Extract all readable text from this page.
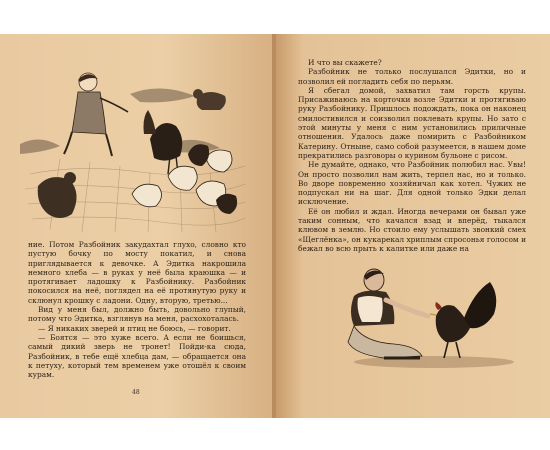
ние. Потом Разбойник закудахтал глухо, словно кто пустую бочку по мосту покатил, и снова приглядывается к девочке. А Эдитка накрошила немного хлеба — в руках у неё была краюшка — и протягивает ладошку к Разбойнику. Разбойник покосился на неё, поглядел на её протянутую руку и склюнул крошку с ладони. Одну, вторую, третью...

Вид у меня был, должно быть, довольно глупый, потому что Эдитка, взглянув на меня, расхохоталась.

— Я никаких зверей и птиц не боюсь, — говорит.

— Боятся — это хуже всего. А если не боишься, самый дикий зверь не тронет! Пойди-ка сюда, Разбойник, в тебе ещё хлебца дам, — обращается она к петуху, который тем временем уже отошёл к своим курам.

48

И что вы скажете?

Разбойник не только послушался Эдитки, но и позволил ей погладить себя по перьям.

Я сбегал домой, захватил там горсть крупы. Присаживаюсь на корточки возле Эдитки и протягиваю руку Разбойнику. Пришлось подождать, пока он наконец смилостивился и соизволил поклевать крупы. Но зато с этой минуты у меня с ним установились приличные отношения. Удалось даже помирить с Разбойником Катерину. Отныне, само собой разумеется, в нашем доме прекратились разговоры о курином бульоне с рисом.

Не думайте, однако, что Разбойник полюбил нас. Увы! Он просто позволил нам жить, терпел нас, но и только. Во дворе повременно хозяйничал как хотел. Чужих не подпускал ни на шаг. Для одной только Эдки делал исключение.

Её он любил и ждал. Иногда вечерами он бывал уже таким сонным, что качался взад и вперёд, тыкался клювом в землю. Но стоило ему услышать звонкий смех «Щеглёнка», он кукарекал хриплым спросонья голосом и бежал во всю прыть к калитке или даже на
